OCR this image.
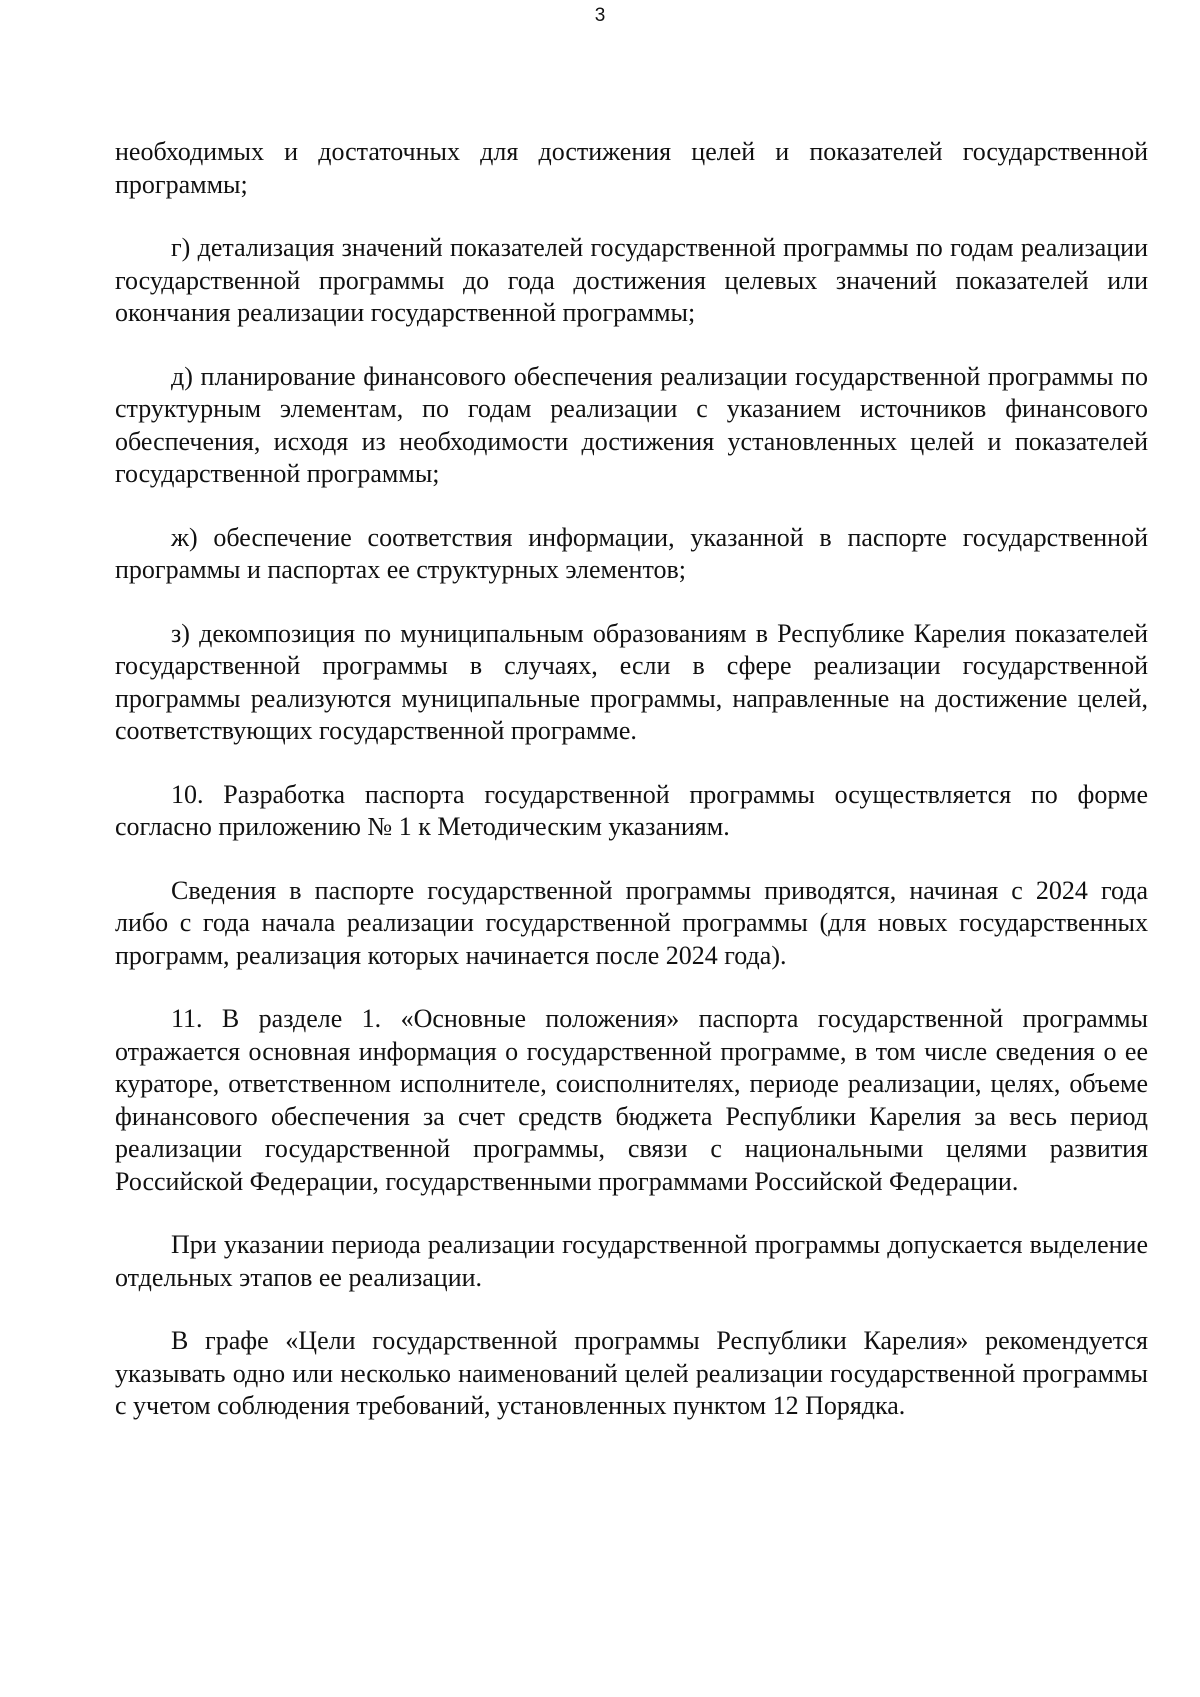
3

необходимых и достаточных для достижения целей и показателей государственной программы;

г) детализация значений показателей государственной программы по годам реализации государственной программы до года достижения целевых значений показателей или окончания реализации государственной программы;

д) планирование финансового обеспечения реализации государственной программы по структурным элементам, по годам реализации с указанием источников финансового обеспечения, исходя из необходимости достижения установленных целей и показателей государственной программы;

ж) обеспечение соответствия информации, указанной в паспорте государственной программы и паспортах ее структурных элементов;

з) декомпозиция по муниципальным образованиям в Республике Карелия показателей государственной программы в случаях, если в сфере реализации государственной программы реализуются муниципальные программы, направленные на достижение целей, соответствующих государственной программе.

10. Разработка паспорта государственной программы осуществляется по форме согласно приложению № 1 к Методическим указаниям.

Сведения в паспорте государственной программы приводятся, начиная с 2024 года либо с года начала реализации государственной программы (для новых государственных программ, реализация которых начинается после 2024 года).

11. В разделе 1. «Основные положения» паспорта государственной программы отражается основная информация о государственной программе, в том числе сведения о ее кураторе, ответственном исполнителе, соисполнителях, периоде реализации, целях, объеме финансового обеспечения за счет средств бюджета Республики Карелия за весь период реализации государственной программы, связи с национальными целями развития Российской Федерации, государственными программами Российской Федерации.

При указании периода реализации государственной программы допускается выделение отдельных этапов ее реализации.

В графе «Цели государственной программы Республики Карелия» рекомендуется указывать одно или несколько наименований целей реализации государственной программы с учетом соблюдения требований, установленных пунктом 12 Порядка.
